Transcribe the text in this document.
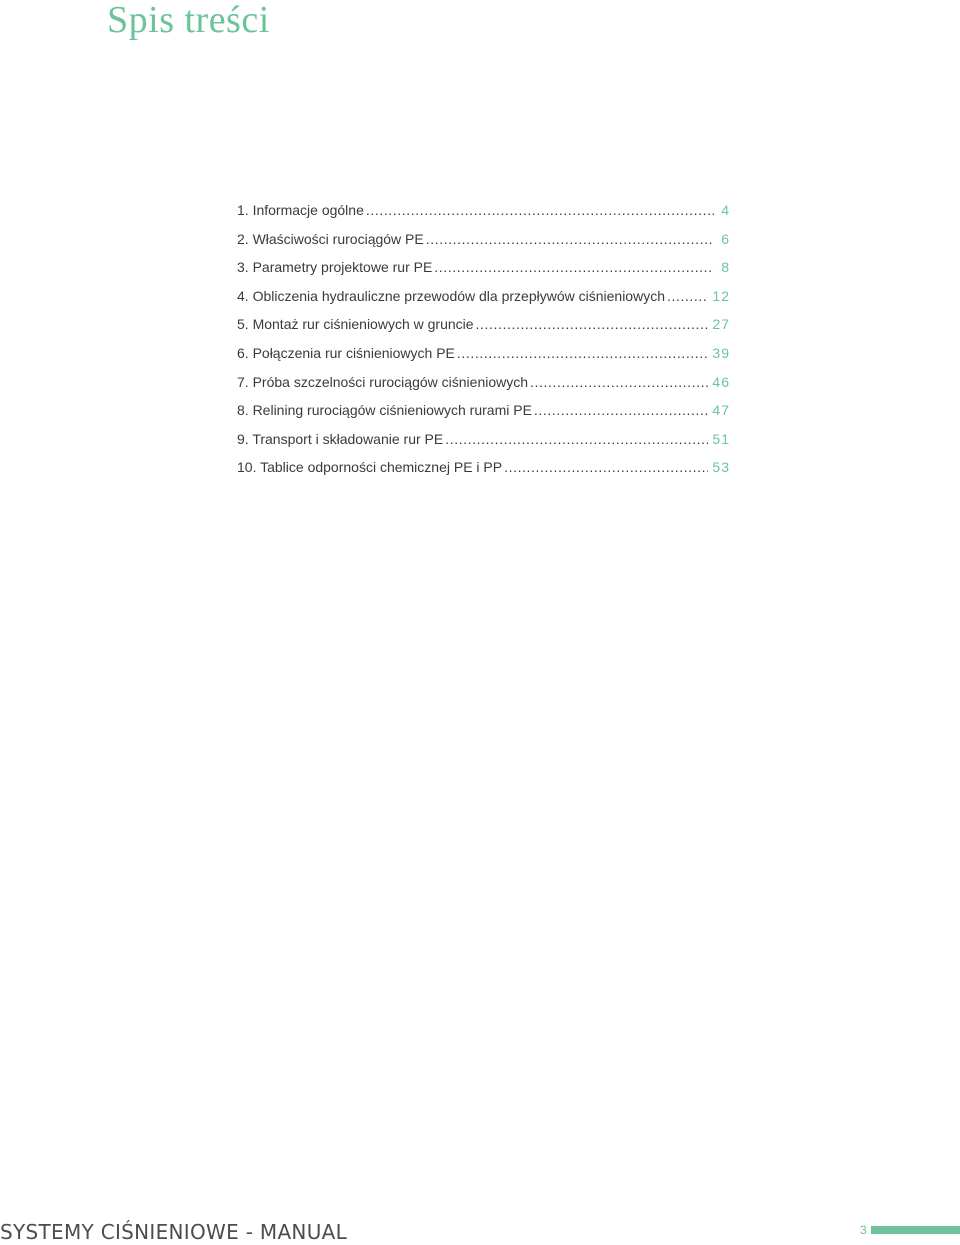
Spis treści
1. Informacje ogólne .....	4
2. Właściwości rurociągów PE .....	6
3. Parametry projektowe rur PE .....	8
4. Obliczenia hydrauliczne przewodów dla przepływów ciśnieniowych .....	12
5. Montaż rur ciśnieniowych w gruncie .....	27
6. Połączenia rur ciśnieniowych PE .....	39
7. Próba szczelności rurociągów ciśnieniowych .....	46
8. Relining rurociągów ciśnieniowych rurami PE .....	47
9. Transport i składowanie rur PE .....	51
10. Tablice odporności chemicznej PE i PP .....	53
SYSTEMY CIŚNIENIOWE - MANUAL	3
